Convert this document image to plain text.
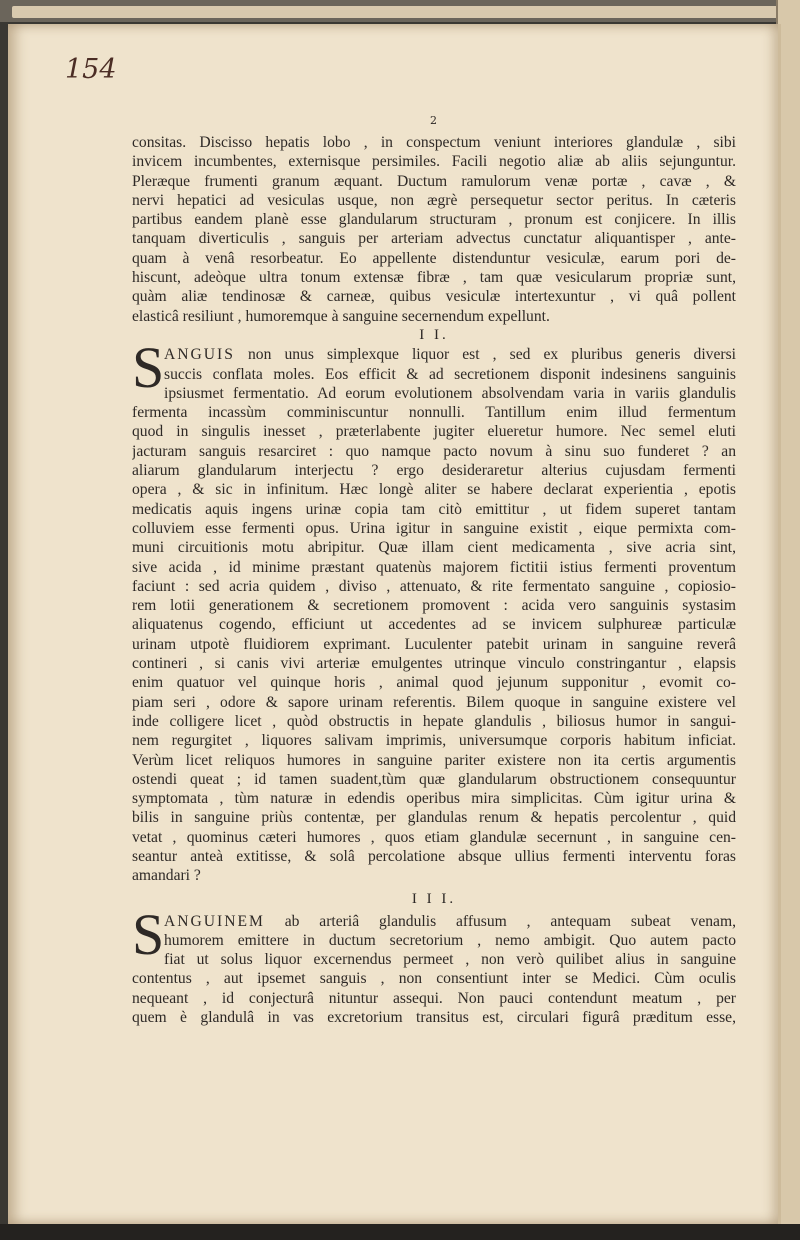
154
2
consitas. Discisso hepatis lobo , in conspectum veniunt interiores glandulæ , sibi
invicem incumbentes, externisque persimiles. Facili negotio aliæ ab aliis sejunguntur.
Pleræque frumenti granum æquant. Ductum ramulorum venæ portæ , cavæ , &
nervi hepatici ad vesiculas usque, non ægrè persequetur sector peritus. In cæteris
partibus eandem planè esse glandularum structuram , pronum est conjicere. In illis
tanquam diverticulis , sanguis per arteriam advectus cunctatur aliquantisper , ante-
quam à venâ resorbeatur. Eo appellente distenduntur vesiculæ, earum pori de-
hiscunt, adeòque ultra tonum extensæ fibræ , tam quæ vesicularum propriæ sunt,
quàm aliæ tendinosæ & carneæ, quibus vesiculæ intertexuntur , vi quâ pollent
elasticâ resiliunt , humoremque à sanguine secernendum expellunt.
I I.
S ANGUIS non unus simplexque liquor est , sed ex pluribus generis diversi
succis conflata moles. Eos efficit & ad secretionem disponit indesinens sanguinis
ipsiusmet fermentatio. Ad eorum evolutionem absolvendam varia in variis glandulis
fermenta incassùm comminiscuntur nonnulli. Tantillum enim illud fermentum
quod in singulis inesset , præterlabente jugiter elueretur humore. Nec semel eluti
jacturam sanguis resarciret : quo namque pacto novum à sinu suo funderet ? an
aliarum glandularum interjectu ? ergo desideraretur alterius cujusdam fermenti
opera , & sic in infinitum. Hæc longè aliter se habere declarat experientia , epotis
medicatis aquis ingens urinæ copia tam citò emittitur , ut fidem superet tantam
colluviem esse fermenti opus. Urina igitur in sanguine existit , eique permixta com-
muni circuitionis motu abripitur. Quæ illam cient medicamenta , sive acria sint,
sive acida , id minime præstant quatenùs majorem fictitii istius fermenti proventum
faciunt : sed acria quidem , diviso , attenuato, & rite fermentato sanguine , copiosio-
rem lotii generationem & secretionem promovent : acida vero sanguinis systasim
aliquatenus cogendo, efficiunt ut accedentes ad se invicem sulphureæ particulæ
urinam utpotè fluidiorem exprimant. Luculenter patebit urinam in sanguine reverâ
contineri , si canis vivi arteriæ emulgentes utrinque vinculo constringantur , elapsis
enim quatuor vel quinque horis , animal quod jejunum supponitur , evomit co-
piam seri , odore & sapore urinam referentis. Bilem quoque in sanguine existere vel
inde colligere licet , quòd obstructis in hepate glandulis , biliosus humor in sangui-
nem regurgitet , liquores salivam imprimis, universumque corporis habitum inficiat.
Verùm licet reliquos humores in sanguine pariter existere non ita certis argumentis
ostendi queat ; id tamen suadent,tùm quæ glandularum obstructionem consequuntur
symptomata , tùm naturæ in edendis operibus mira simplicitas. Cùm igitur urina &
bilis in sanguine priùs contentæ, per glandulas renum & hepatis percolentur , quid
vetat , quominus cæteri humores , quos etiam glandulæ secernunt , in sanguine cen-
seantur anteà extitisse, & solâ percolatione absque ullius fermenti interventu foras
amandari ?
I I I.
S ANGUINEM ab arteriâ glandulis affusum , antequam subeat venam,
humorem emittere in ductum secretorium , nemo ambigit. Quo autem pacto
fiat ut solus liquor excernendus permeet , non verò quilibet alius in sanguine
contentus , aut ipsemet sanguis , non consentiunt inter se Medici. Cùm oculis
nequeant , id conjecturâ nituntur assequi. Non pauci contendunt meatum , per
quem è glandulâ in vas excretorium transitus est, circulari figurâ præditum esse,
